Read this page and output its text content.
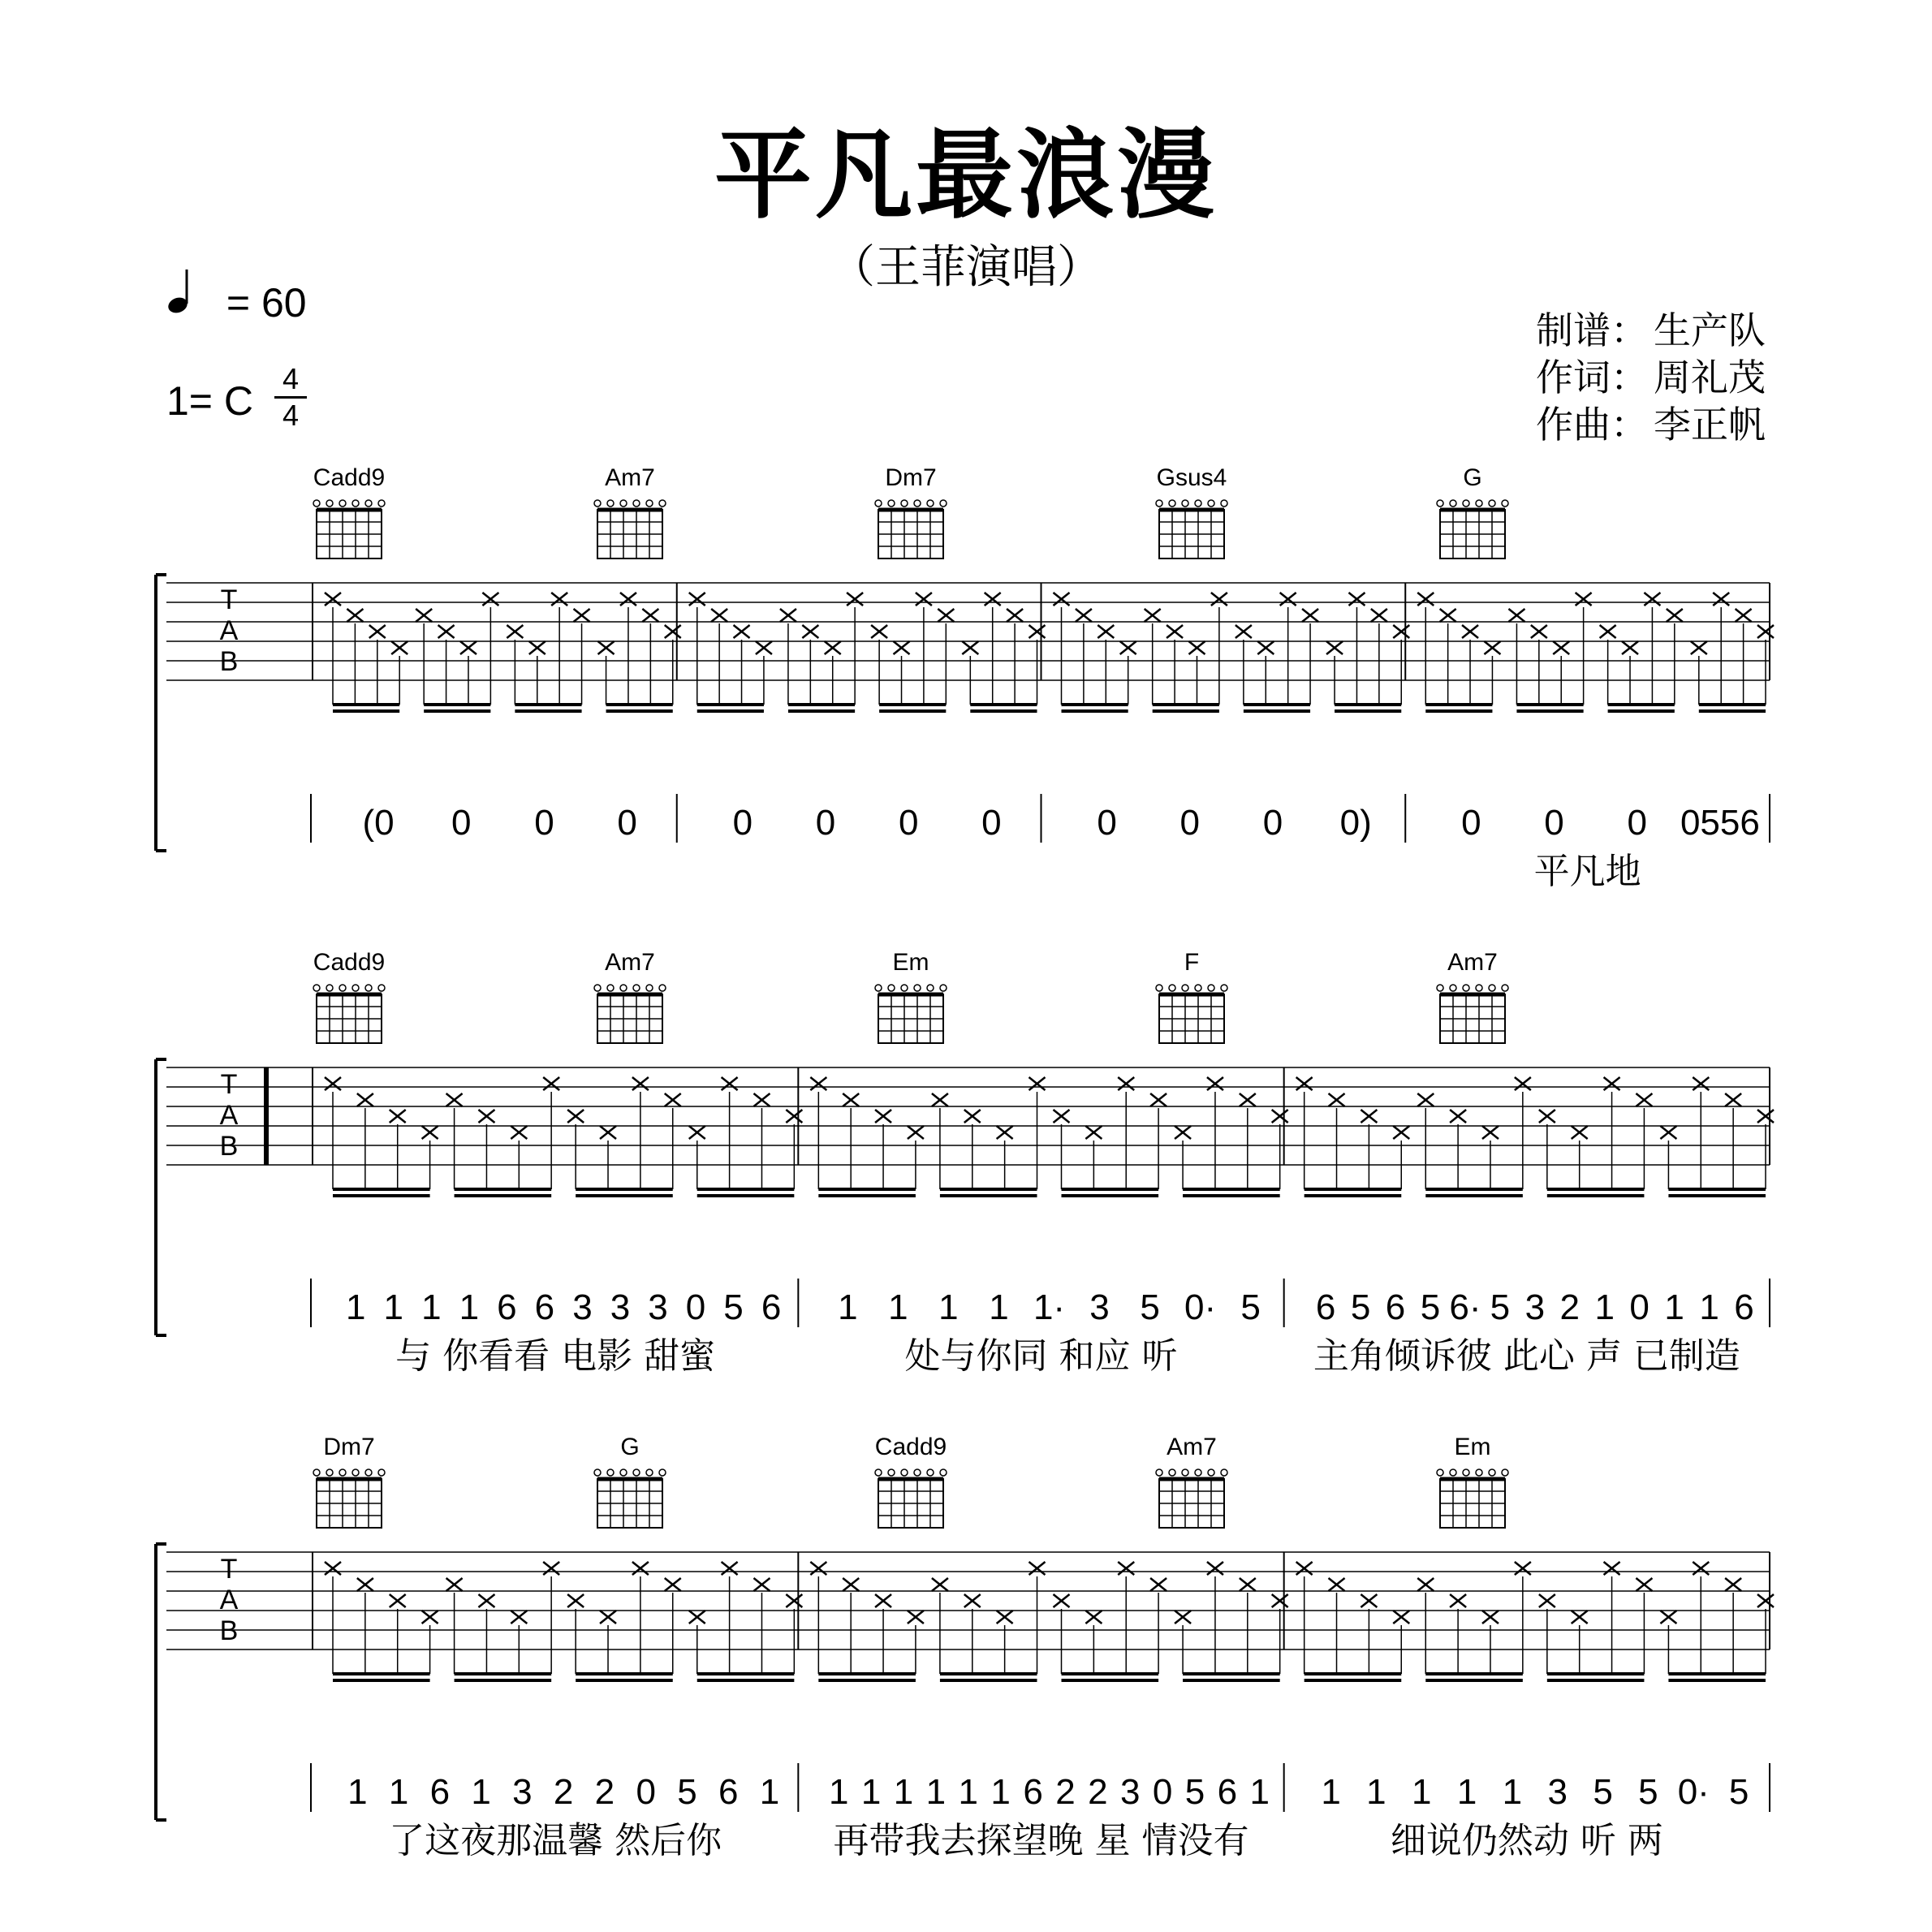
平凡最浪漫
（王菲演唱）
= 60
1= C 4
4
制谱： 生产队
作词： 周礼茂
作曲： 李正帆
T
A
B
(0 0 0 0	0 0 0 0	0 0 0 0)	0 0 0 0556
平凡地
Cadd9	Am7	Dm7	Gsus4	G
T
A
B
1 1 1 1 6 6 3 3 3 0 5 6
与 你看看 电影 甜蜜
1 1 1 1 1· 3 5 0· 5
处与你同 和应 听
6 5 6 5 6· 5 3 2 1 0 1 1 6
主角倾诉彼 此心 声 已制造
Cadd9	Am7	Em	F	Am7
T
A
B
1 1 6 1 3 2 2 0 5 6 1
了这夜那温馨 然后你
1 1 1 1 1 1 6 2 2 3 0 5 6 1
再带我去探望晚 星 情没有
1 1 1 1 1 3 5 5 0· 5
细说仍然动 听 两
Dm7	G	Cadd9	Am7	Em
